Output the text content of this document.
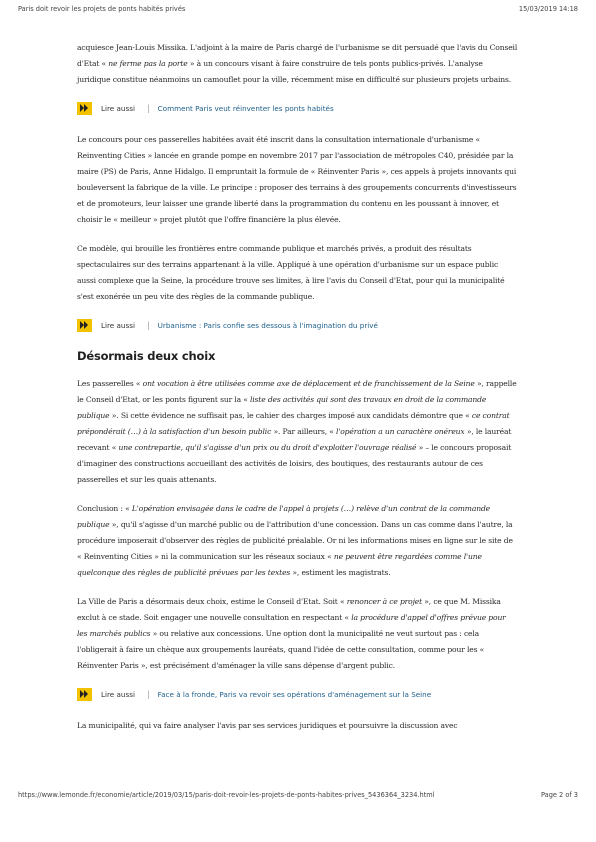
Paris doit revoir les projets de ponts habités privés	15/03/2019 14:18

acquiesce Jean-Louis Missika. L'adjoint à la maire de Paris chargé de l'urbanisme se dit persuadé que l'avis du Conseil d'Etat « ne ferme pas la porte » à un concours visant à faire construire de tels ponts publics-privés. L'analyse juridique constitue néanmoins un camouflet pour la ville, récemment mise en difficulté sur plusieurs projets urbains.

Lire aussi | Comment Paris veut réinventer les ponts habités

Le concours pour ces passerelles habitées avait été inscrit dans la consultation internationale d'urbanisme « Reinventing Cities » lancée en grande pompe en novembre 2017 par l'association de métropoles C40, présidée par la maire (PS) de Paris, Anne Hidalgo. Il empruntait la formule de « Réinventer Paris », ces appels à projets innovants qui bouleversent la fabrique de la ville. Le principe : proposer des terrains à des groupements concurrents d'investisseurs et de promoteurs, leur laisser une grande liberté dans la programmation du contenu en les poussant à innover, et choisir le « meilleur » projet plutôt que l'offre financière la plus élevée.

Ce modèle, qui brouille les frontières entre commande publique et marchés privés, a produit des résultats spectaculaires sur des terrains appartenant à la ville. Appliqué à une opération d'urbanisme sur un espace public aussi complexe que la Seine, la procédure trouve ses limites, à lire l'avis du Conseil d'Etat, pour qui la municipalité s'est exonérée un peu vite des règles de la commande publique.

Lire aussi | Urbanisme : Paris confie ses dessous à l'imagination du privé
Désormais deux choix

Les passerelles « ont vocation à être utilisées comme axe de déplacement et de franchissement de la Seine », rappelle le Conseil d'Etat, or les ponts figurent sur la « liste des activités qui sont des travaux en droit de la commande publique ». Si cette évidence ne suffisait pas, le cahier des charges imposé aux candidats démontre que « ce contrat prépondérait (…) à la satisfaction d'un besoin public ». Par ailleurs, « l'opération a un caractère onéreux », le lauréat recevant « une contrepartie, qu'il s'agisse d'un prix ou du droit d'exploiter l'ouvrage réalisé » – le concours proposait d'imaginer des constructions accueillant des activités de loisirs, des boutiques, des restaurants autour de ces passerelles et sur les quais attenants.

Conclusion : « L'opération envisagée dans le cadre de l'appel à projets (…) relève d'un contrat de la commande publique », qu'il s'agisse d'un marché public ou de l'attribution d'une concession. Dans un cas comme dans l'autre, la procédure imposerait d'observer des règles de publicité préalable. Or ni les informations mises en ligne sur le site de « Reinventing Cities » ni la communication sur les réseaux sociaux « ne peuvent être regardées comme l'une quelconque des règles de publicité prévues par les textes », estiment les magistrats.

La Ville de Paris a désormais deux choix, estime le Conseil d'Etat. Soit « renoncer à ce projet », ce que M. Missika exclut à ce stade. Soit engager une nouvelle consultation en respectant « la procédure d'appel d'offres prévue pour les marchés publics » ou relative aux concessions. Une option dont la municipalité ne veut surtout pas : cela l'obligerait à faire un chèque aux groupements lauréats, quand l'idée de cette consultation, comme pour les « Réinventer Paris », est précisément d'aménager la ville sans dépense d'argent public.

Lire aussi | Face à la fronde, Paris va revoir ses opérations d'aménagement sur la Seine

La municipalité, qui va faire analyser l'avis par ses services juridiques et poursuivre la discussion avec

https://www.lemonde.fr/economie/article/2019/03/15/paris-doit-revoir-les-projets-de-ponts-habites-prives_5436364_3234.html	Page 2 of 3
